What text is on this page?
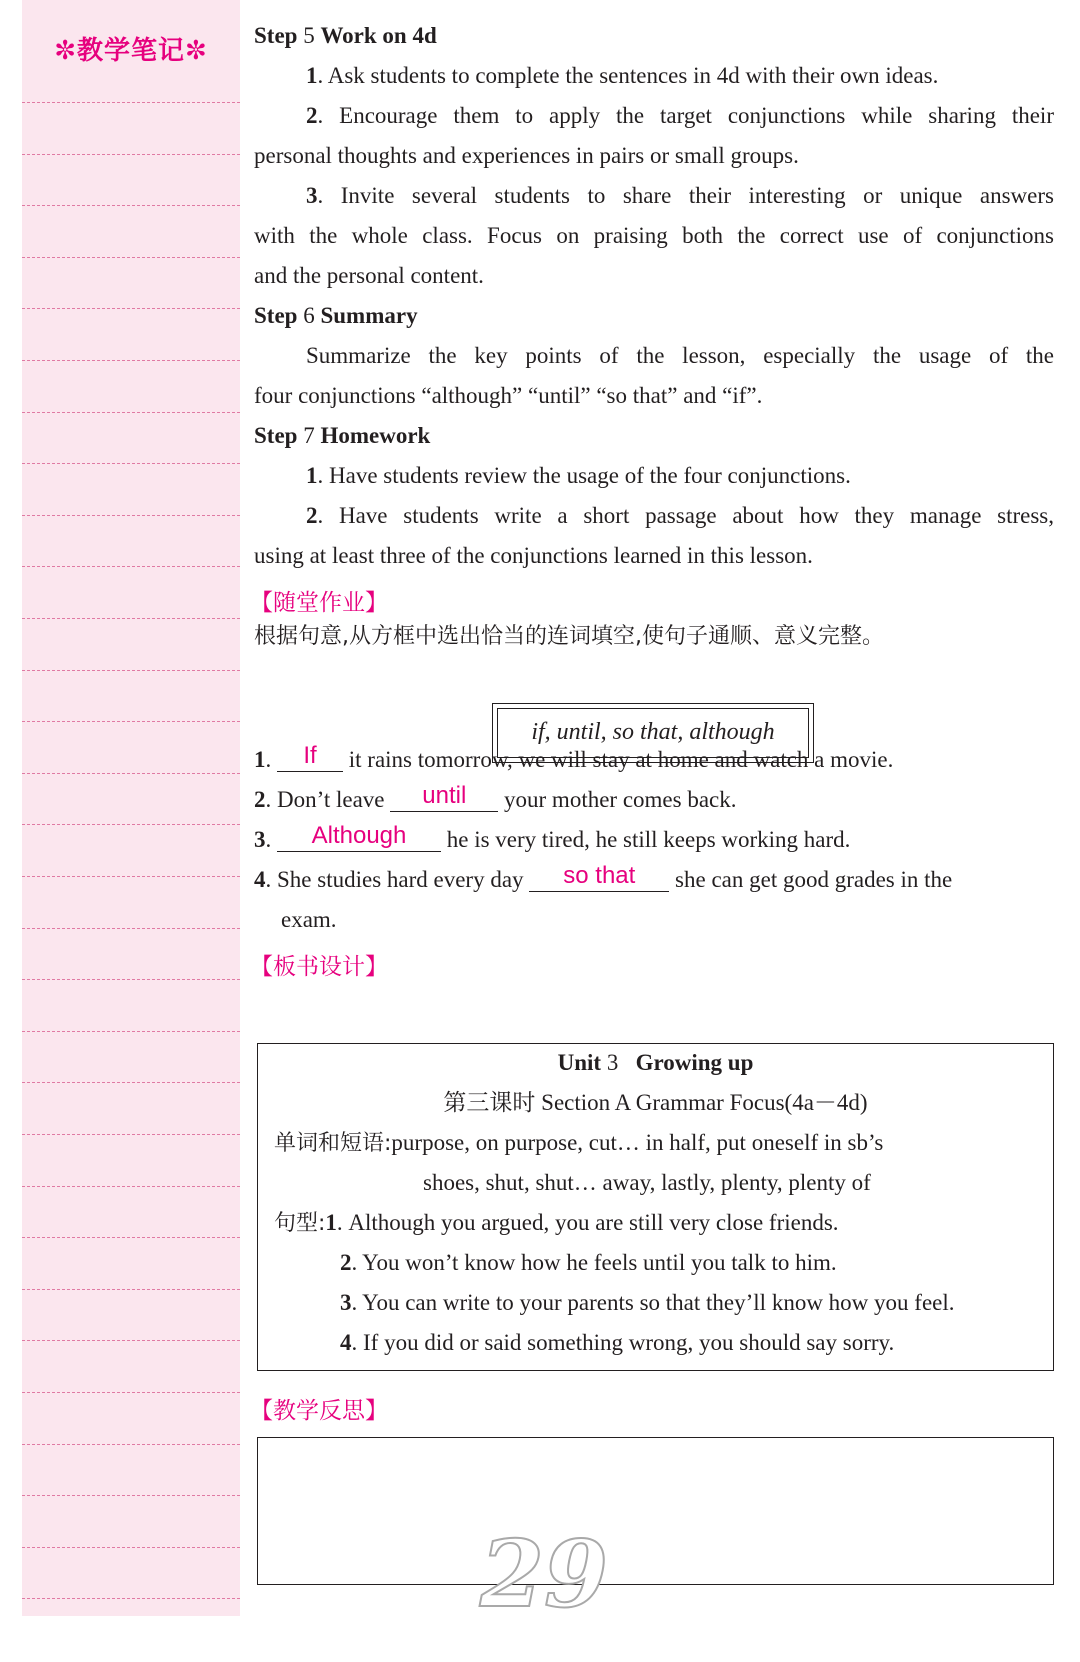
✼教学笔记✼
Step 5 Work on 4d
1. Ask students to complete the sentences in 4d with their own ideas.
2. Encourage them to apply the target conjunctions while sharing their
personal thoughts and experiences in pairs or small groups.
3. Invite several students to share their interesting or unique answers
with the whole class. Focus on praising both the correct use of conjunctions
and the personal content.
Step 6 Summary
Summarize the key points of the lesson, especially the usage of the
four conjunctions “although” “until” “so that” and “if”.
Step 7 Homework
1. Have students review the usage of the four conjunctions.
2. Have students write a short passage about how they manage stress,
using at least three of the conjunctions learned in this lesson.
【随堂作业】
根据句意,从方框中选出恰当的连词填空,使句子通顺、意义完整。
if, until, so that, although
1. If it rains tomorrow, we will stay at home and watch a movie.
2. Don’t leave until your mother comes back.
3. Although he is very tired, he still keeps working hard.
4. She studies hard every day so that she can get good grades in the
exam.
【板书设计】
Unit 3 Growing up
第三课时 Section A Grammar Focus(4a－4d)
单词和短语:purpose, on purpose, cut… in half, put oneself in sb’s
shoes, shut, shut… away, lastly, plenty, plenty of
句型:1. Although you argued, you are still very close friends.
2. You won’t know how he feels until you talk to him.
3. You can write to your parents so that they’ll know how you feel.
4. If you did or said something wrong, you should say sorry.
【教学反思】
29
